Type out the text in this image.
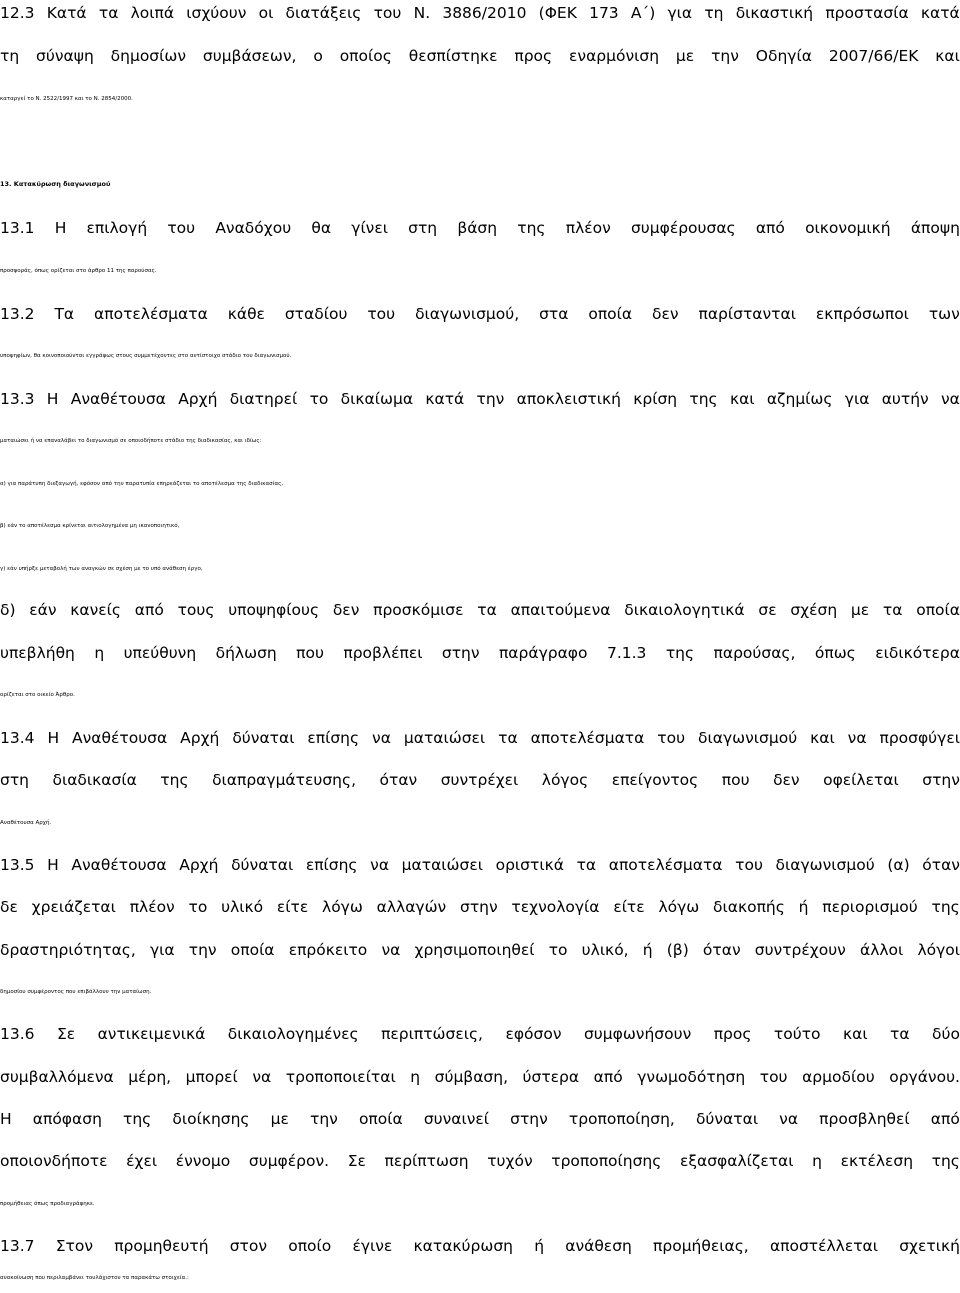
12.3 Κατά τα λοιπά ισχύουν οι διατάξεις του Ν. 3886/2010 (ΦΕΚ 173 Α΄) για τη δικαστική προστασία κατά
τη σύναψη δημοσίων συμβάσεων, ο οποίος θεσπίστηκε προς εναρμόνιση με την Οδηγία 2007/66/ΕΚ και
καταργεί το Ν. 2522/1997 και το Ν. 2854/2000.
13. Κατακύρωση διαγωνισμού
13.1 Η επιλογή του Αναδόχου θα γίνει στη βάση της πλέον συμφέρουσας από οικονομική άποψη
προσφοράς, όπως ορίζεται στο άρθρο 11 της παρούσας.
13.2 Τα αποτελέσματα κάθε σταδίου του διαγωνισμού, στα οποία δεν παρίστανται εκπρόσωποι των
υποψηφίων, θα κοινοποιούνται εγγράφως στους συμμετέχοντες στο αντίστοιχο στάδιο του διαγωνισμού.
13.3 Η Αναθέτουσα Αρχή διατηρεί το δικαίωμα κατά την αποκλειστική κρίση της και αζημίως για αυτήν να
ματαιώσει ή να επαναλάβει το διαγωνισμό σε οποιοδήποτε στάδιο της διαδικασίας, και ιδίως:
α) για παράτυπη διεξαγωγή, εφόσον από την παρατυπία επηρεάζεται το αποτέλεσμα της διαδικασίας,
β) εάν το αποτέλεσμα κρίνεται αιτιολογημένα μη ικανοποιητικό,
γ) εάν υπήρξε μεταβολή των αναγκών σε σχέση με το υπό ανάθεση έργο,
δ) εάν κανείς από τους υποψηφίους δεν προσκόμισε τα απαιτούμενα δικαιολογητικά σε σχέση με τα οποία
υπεβλήθη η υπεύθυνη δήλωση που προβλέπει στην παράγραφο 7.1.3 της παρούσας, όπως ειδικότερα
ορίζεται στο οικείο Άρθρο.
13.4 Η Αναθέτουσα Αρχή δύναται επίσης να ματαιώσει τα αποτελέσματα του διαγωνισμού και να προσφύγει
στη διαδικασία της διαπραγμάτευσης, όταν συντρέχει λόγος επείγοντος που δεν οφείλεται στην
Αναθέτουσα Αρχή.
13.5 Η Αναθέτουσα Αρχή δύναται επίσης να ματαιώσει οριστικά τα αποτελέσματα του διαγωνισμού (α) όταν
δε χρειάζεται πλέον το υλικό είτε λόγω αλλαγών στην τεχνολογία είτε λόγω διακοπής ή περιορισμού της
δραστηριότητας, για την οποία επρόκειτο να χρησιμοποιηθεί το υλικό, ή (β) όταν συντρέχουν άλλοι λόγοι
δημοσίου συμφέροντος που επιβάλλουν την ματαίωση.
13.6 Σε αντικειμενικά δικαιολογημένες περιπτώσεις, εφόσον συμφωνήσουν προς τούτο και τα δύο
συμβαλλόμενα μέρη, μπορεί να τροποποιείται η σύμβαση, ύστερα από γνωμοδότηση του αρμοδίου οργάνου.
Η απόφαση της διοίκησης με την οποία συναινεί στην τροποποίηση, δύναται να προσβληθεί από
οποιονδήποτε έχει έννομο συμφέρον. Σε περίπτωση τυχόν τροποποίησης εξασφαλίζεται η εκτέλεση της
προμήθειας όπως προδιαγράφηκε.
13.7 Στον προμηθευτή στον οποίο έγινε κατακύρωση ή ανάθεση προμήθειας, αποστέλλεται σχετική
ανακοίνωση που περιλαμβάνει τουλάχιστον τα παρακάτω στοιχεία.:
